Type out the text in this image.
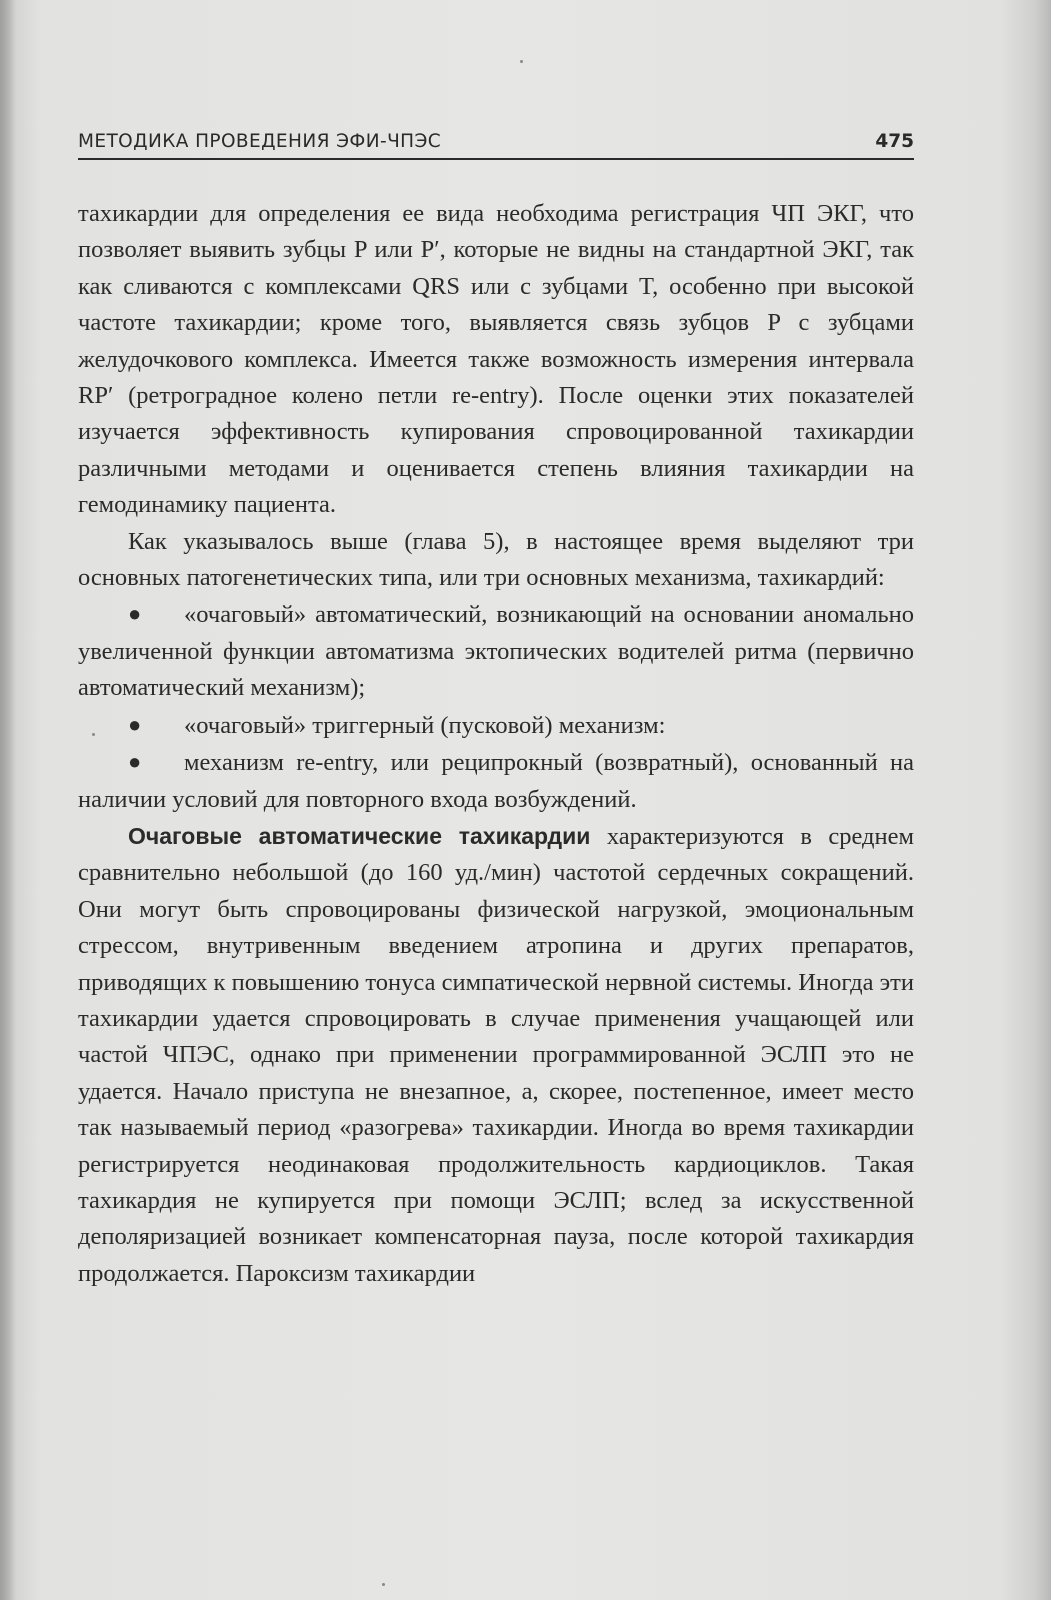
МЕТОДИКА ПРОВЕДЕНИЯ ЭФИ-ЧПЭС	475

тахикардии для определения ее вида необходима регистрация ЧП ЭКГ, что позволяет выявить зубцы P или P′, которые не видны на стандартной ЭКГ, так как сливаются с комплексами QRS или с зубцами T, особенно при высокой частоте тахикардии; кроме того, выявляется связь зубцов P с зубцами желудочкового комплекса. Имеется также возможность измерения интервала RP′ (ретроградное колено петли re-entry). После оценки этих показателей изучается эффективность купирования спровоцированной тахикардии различными методами и оценивается степень влияния тахикардии на гемодинамику пациента.

Как указывалось выше (глава 5), в настоящее время выделяют три основных патогенетических типа, или три основных механизма, тахикардий:

● «очаговый» автоматический, возникающий на основании аномально увеличенной функции автоматизма эктопических водителей ритма (первично автоматический механизм);
● «очаговый» триггерный (пусковой) механизм:
● механизм re-entry, или реципрокный (возвратный), основанный на наличии условий для повторного входа возбуждений.

Очаговые автоматические тахикардии характеризуются в среднем сравнительно небольшой (до 160 уд./мин) частотой сердечных сокращений. Они могут быть спровоцированы физической нагрузкой, эмоциональным стрессом, внутривенным введением атропина и других препаратов, приводящих к повышению тонуса симпатической нервной системы. Иногда эти тахикардии удается спровоцировать в случае применения учащающей или частой ЧПЭС, однако при применении программированной ЭСЛП это не удается. Начало приступа не внезапное, а, скорее, постепенное, имеет место так называемый период «разогрева» тахикардии. Иногда во время тахикардии регистрируется неодинаковая продолжительность кардиоциклов. Такая тахикардия не купируется при помощи ЭСЛП; вслед за искусственной деполяризацией возникает компенсаторная пауза, после которой тахикардия продолжается. Пароксизм тахикардии
